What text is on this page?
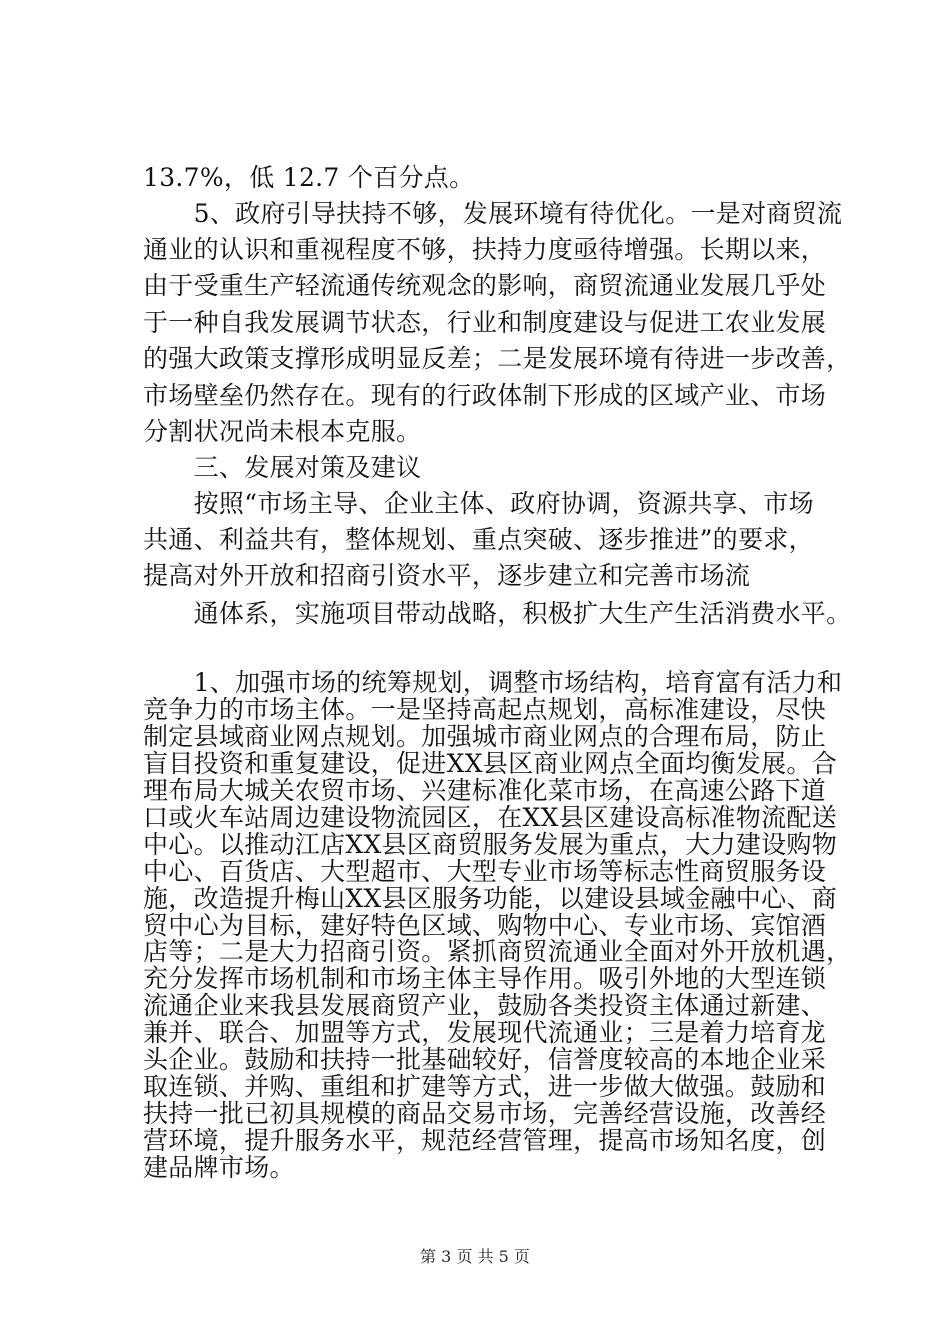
13.7%，低 12.7 个百分点。
　　5、政府引导扶持不够，发展环境有待优化。一是对商贸流
通业的认识和重视程度不够，扶持力度亟待增强。长期以来，
由于受重生产轻流通传统观念的影响，商贸流通业发展几乎处
于一种自我发展调节状态，行业和制度建设与促进工农业发展
的强大政策支撑形成明显反差；二是发展环境有待进一步改善，
市场壁垒仍然存在。现有的行政体制下形成的区域产业、市场
分割状况尚未根本克服。
　　三、发展对策及建议
　　按照“市场主导、企业主体、政府协调，资源共享、市场
共通、利益共有，整体规划、重点突破、逐步推进”的要求，
提高对外开放和招商引资水平，逐步建立和完善市场流
　　通体系，实施项目带动战略，积极扩大生产生活消费水平。
　　1、加强市场的统筹规划，调整市场结构，培育富有活力和
竞争力的市场主体。一是坚持高起点规划，高标准建设，尽快
制定县域商业网点规划。加强城市商业网点的合理布局，防止
盲目投资和重复建设，促进XX县区商业网点全面均衡发展。合
理布局大城关农贸市场、兴建标准化菜市场，在高速公路下道
口或火车站周边建设物流园区，在XX县区建设高标准物流配送
中心。以推动江店XX县区商贸服务发展为重点，大力建设购物
中心、百货店、大型超市、大型专业市场等标志性商贸服务设
施，改造提升梅山XX县区服务功能，以建设县域金融中心、商
贸中心为目标，建好特色区域、购物中心、专业市场、宾馆酒
店等；二是大力招商引资。紧抓商贸流通业全面对外开放机遇，
充分发挥市场机制和市场主体主导作用。吸引外地的大型连锁
流通企业来我县发展商贸产业，鼓励各类投资主体通过新建、
兼并、联合、加盟等方式，发展现代流通业；三是着力培育龙
头企业。鼓励和扶持一批基础较好，信誉度较高的本地企业采
取连锁、并购、重组和扩建等方式，进一步做大做强。鼓励和
扶持一批已初具规模的商品交易市场，完善经营设施，改善经
营环境，提升服务水平，规范经营管理，提高市场知名度，创
建品牌市场。
第 3 页 共 5 页
